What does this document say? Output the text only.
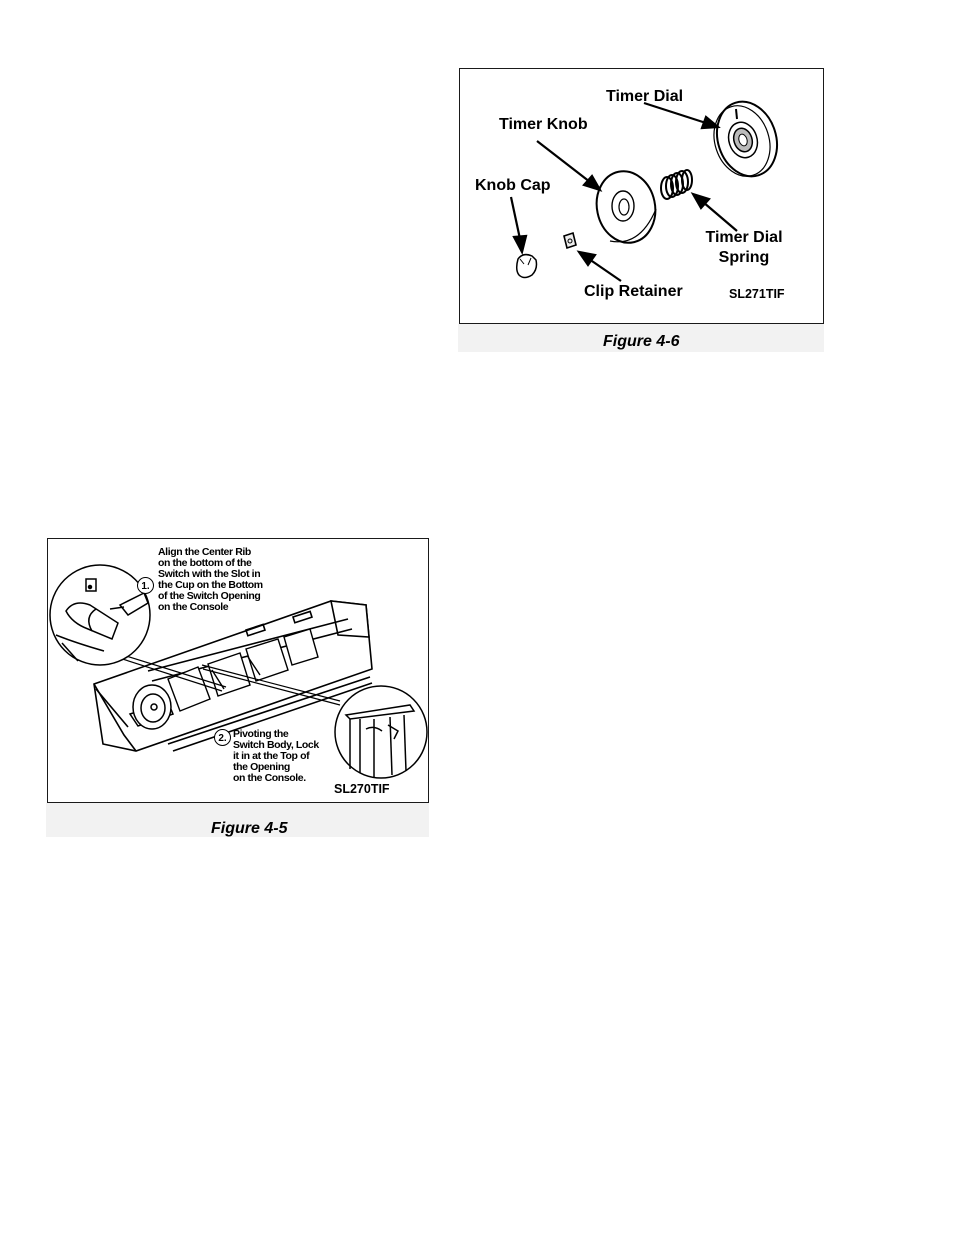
Timer Dial
Timer Knob
Knob Cap
Timer Dial
Spring
Clip Retainer	SL271TIF
Figure 4-6
1.
Align the Center Rib
on the bottom of the
Switch with the Slot in
the Cup on the Bottom
of the Switch Opening
on the Console
2. Pivoting the
Switch Body, Lock
it in at the Top of
the Opening
on the Console.
SL270TIF
Figure 4-5
